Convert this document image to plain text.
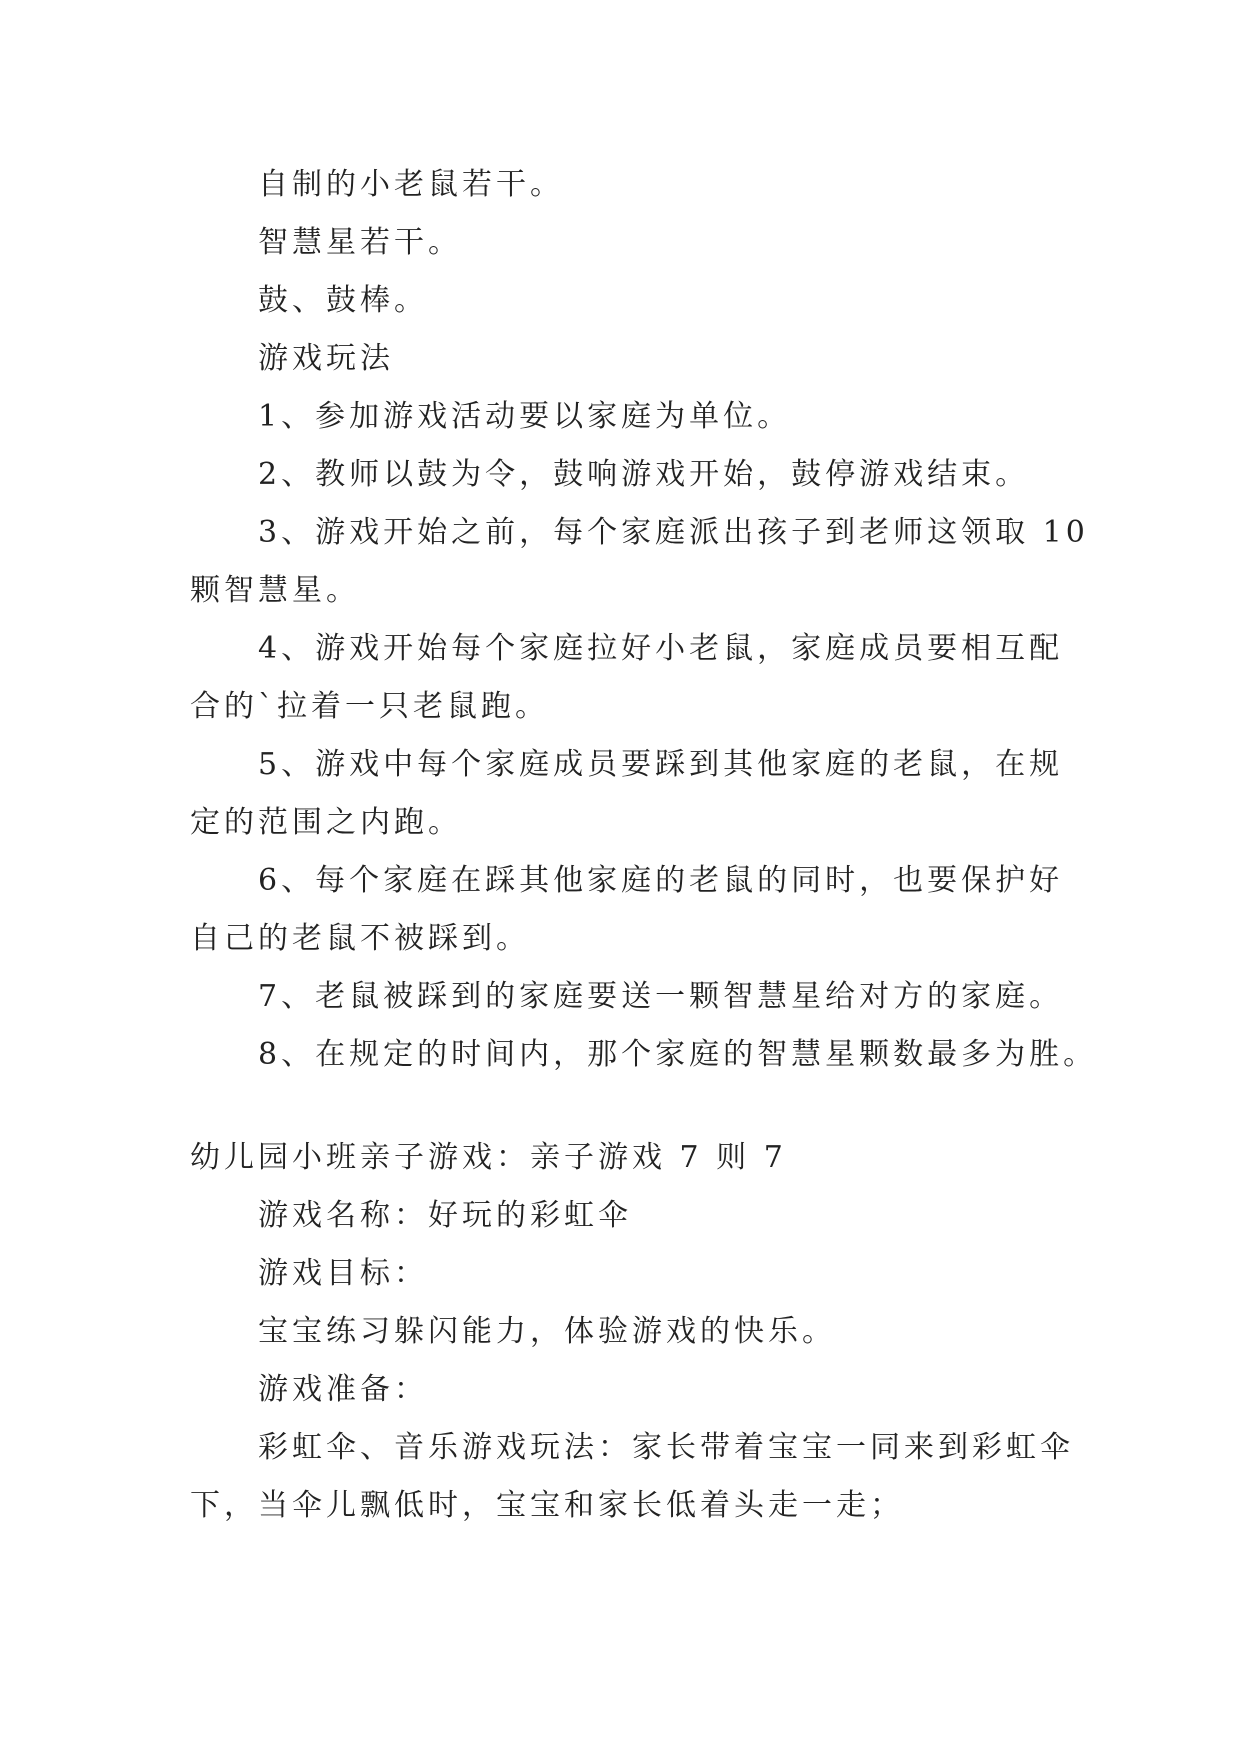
自制的小老鼠若干。
智慧星若干。
鼓、鼓棒。
游戏玩法
1、参加游戏活动要以家庭为单位。
2、教师以鼓为令，鼓响游戏开始，鼓停游戏结束。
3、游戏开始之前，每个家庭派出孩子到老师这领取 10
颗智慧星。
4、游戏开始每个家庭拉好小老鼠，家庭成员要相互配
合的`拉着一只老鼠跑。
5、游戏中每个家庭成员要踩到其他家庭的老鼠，在规
定的范围之内跑。
6、每个家庭在踩其他家庭的老鼠的同时，也要保护好
自己的老鼠不被踩到。
7、老鼠被踩到的家庭要送一颗智慧星给对方的家庭。
8、在规定的时间内，那个家庭的智慧星颗数最多为胜。
幼儿园小班亲子游戏：亲子游戏 7 则 7
游戏名称：好玩的彩虹伞
游戏目标：
宝宝练习躲闪能力，体验游戏的快乐。
游戏准备：
彩虹伞、音乐游戏玩法：家长带着宝宝一同来到彩虹伞
下，当伞儿飘低时，宝宝和家长低着头走一走；
